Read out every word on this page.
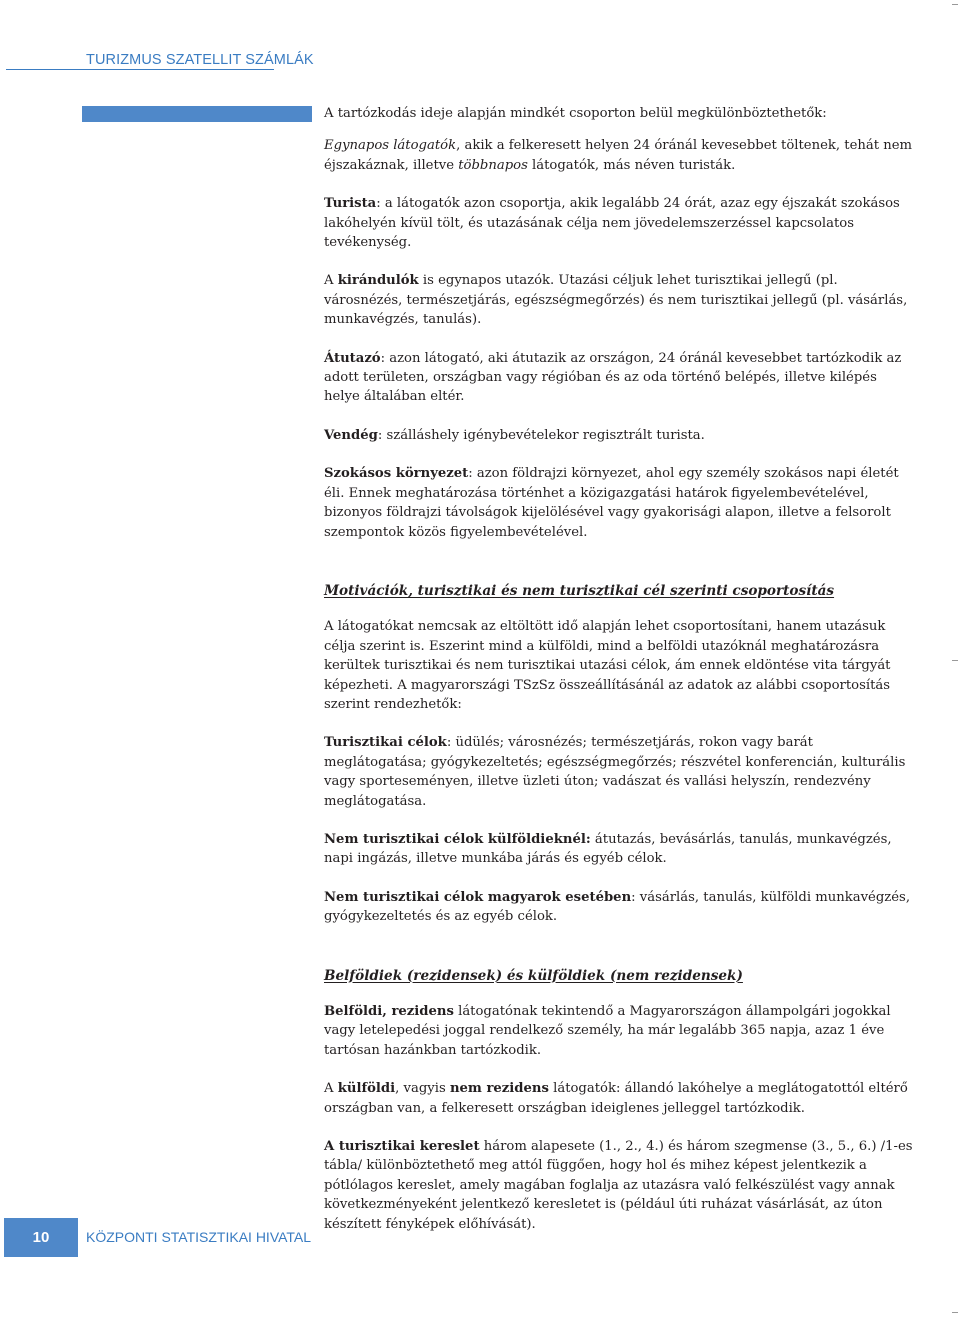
TURIZMUS SZATELLIT SZÁMLÁK

A tartózkodás ideje alapján mindkét csoporton belül megkülönböztethetők:

Egynapos látogatók, akik a felkeresett helyen 24 óránál kevesebbet töltenek, tehát nem éjszakáznak, illetve többnapos látogatók, más néven turisták.

Turista: a látogatók azon csoportja, akik legalább 24 órát, azaz egy éjszakát szokásos lakóhelyén kívül tölt, és utazásának célja nem jövedelemszerzéssel kapcsolatos tevékenység.

A kirándulók is egynapos utazók. Utazási céljuk lehet turisztikai jellegű (pl. városnézés, természetjárás, egészségmegőrzés) és nem turisztikai jellegű (pl. vásárlás, munkavégzés, tanulás).

Átutazó: azon látogató, aki átutazik az országon, 24 óránál kevesebbet tartózkodik az adott területen, országban vagy régióban és az oda történő belépés, illetve kilépés helye általában eltér.

Vendég: szálláshely igénybevételekor regisztrált turista.

Szokásos környezet: azon földrajzi környezet, ahol egy személy szokásos napi életét éli. Ennek meghatározása történhet a közigazgatási határok figyelembevételével, bizonyos földrajzi távolságok kijelölésével vagy gyakorisági alapon, illetve a felsorolt szempontok közös figyelembevételével.

Motivációk, turisztikai és nem turisztikai cél szerinti csoportosítás

A látogatókat nemcsak az eltöltött idő alapján lehet csoportosítani, hanem utazásuk célja szerint is. Eszerint mind a külföldi, mind a belföldi utazóknál meghatározásra kerültek turisztikai és nem turisztikai utazási célok, ám ennek eldöntése vita tárgyát képezheti. A magyarországi TSzSz összeállításánál az adatok az alábbi csoportosítás szerint rendezhetők:

Turisztikai célok: üdülés; városnézés; természetjárás, rokon vagy barát meglátogatása; gyógykezeltetés; egészségmegőrzés; részvétel konferencián, kulturális vagy sporteseményen, illetve üzleti úton; vadászat és vallási helyszín, rendezvény meglátogatása.

Nem turisztikai célok külföldieknél: átutazás, bevásárlás, tanulás, munkavégzés, napi ingázás, illetve munkába járás és egyéb célok.

Nem turisztikai célok magyarok esetében: vásárlás, tanulás, külföldi munkavégzés, gyógykezeltetés és az egyéb célok.

Belföldiek (rezidensek) és külföldiek (nem rezidensek)

Belföldi, rezidens látogatónak tekintendő a Magyarországon állampolgári jogokkal vagy letelepedési joggal rendelkező személy, ha már legalább 365 napja, azaz 1 éve tartósan hazánkban tartózkodik.

A külföldi, vagyis nem rezidens látogatók: állandó lakóhelye a meglátogatottól eltérő országban van, a felkeresett országban ideiglenes jelleggel tartózkodik.

A turisztikai kereslet három alapesete (1., 2., 4.) és három szegmense (3., 5., 6.) /1-es tábla/ különböztethető meg attól függően, hogy hol és mihez képest jelentkezik a pótlólagos kereslet, amely magában foglalja az utazásra való felkészülést vagy annak következményeként jelentkező keresletet is (például úti ruházat vásárlását, az úton készített fényképek előhívását).

10	KÖZPONTI STATISZTIKAI HIVATAL
